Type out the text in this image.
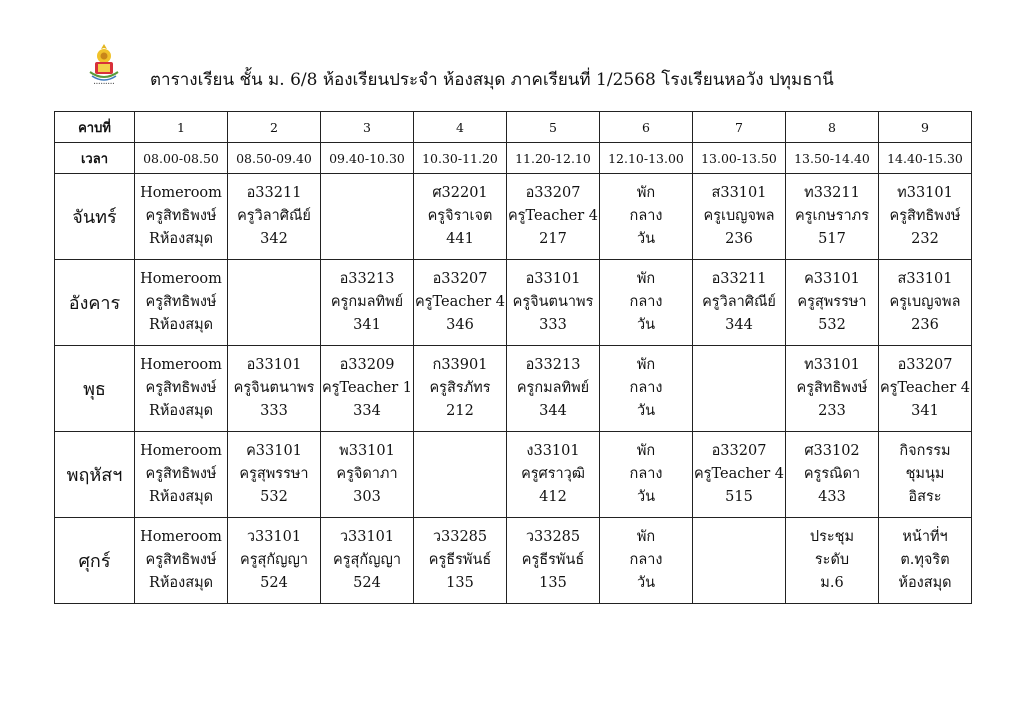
••••••••• ตารางเรียน ชั้น ม. 6/8 ห้องเรียนประจำ ห้องสมุด ภาคเรียนที่ 1/2568 โรงเรียนหอวัง ปทุมธานี
คาบที่	1	2	3	4	5	6	7	8	9
เวลา	08.00-08.50	08.50-09.40	09.40-10.30	10.30-11.20	11.20-12.10	12.10-13.00	13.00-13.50	13.50-14.40	14.40-15.30
จันทร์	Homeroom
ครูสิทธิพงษ์
Rห้องสมุด	อ33211
ครูวิลาศิณีย์
342		ศ32201
ครูจิราเจต
441	อ33207
ครูTeacher 4
217	พัก
กลาง
วัน	ส33101
ครูเบญจพล
236	ท33211
ครูเกษราภร
517	ท33101
ครูสิทธิพงษ์
232

อังคาร	Homeroom
ครูสิทธิพงษ์
Rห้องสมุด		อ33213
ครูกมลทิพย์
341	อ33207
ครูTeacher 4
346	อ33101
ครูจินตนาพร
333	พัก
กลาง
วัน	อ33211
ครูวิลาศิณีย์
344	ค33101
ครูสุพรรษา
532	ส33101
ครูเบญจพล
236

พุธ	Homeroom
ครูสิทธิพงษ์
Rห้องสมุด	อ33101
ครูจินตนาพร
333	อ33209
ครูTeacher 1
334	ก33901
ครูสิรภัทร
212	อ33213
ครูกมลทิพย์
344	พัก
กลาง
วัน		ท33101
ครูสิทธิพงษ์
233	อ33207
ครูTeacher 4
341

พฤหัสฯ	Homeroom
ครูสิทธิพงษ์
Rห้องสมุด	ค33101
ครูสุพรรษา
532	พ33101
ครูจิดาภา
303		ง33101
ครูศราวุฒิ
412	พัก
กลาง
วัน	อ33207
ครูTeacher 4
515	ศ33102
ครูรณิดา
433	กิจกรรม
ชุมนุม
อิสระ

ศุกร์	Homeroom
ครูสิทธิพงษ์
Rห้องสมุด	ว33101
ครูสุกัญญา
524	ว33101
ครูสุกัญญา
524	ว33285
ครูธีรพันธ์
135	ว33285
ครูธีรพันธ์
135	พัก
กลาง
วัน		ประชุม
ระดับ
ม.6	หน้าที่ฯ
ต.ทุจริต
ห้องสมุด
